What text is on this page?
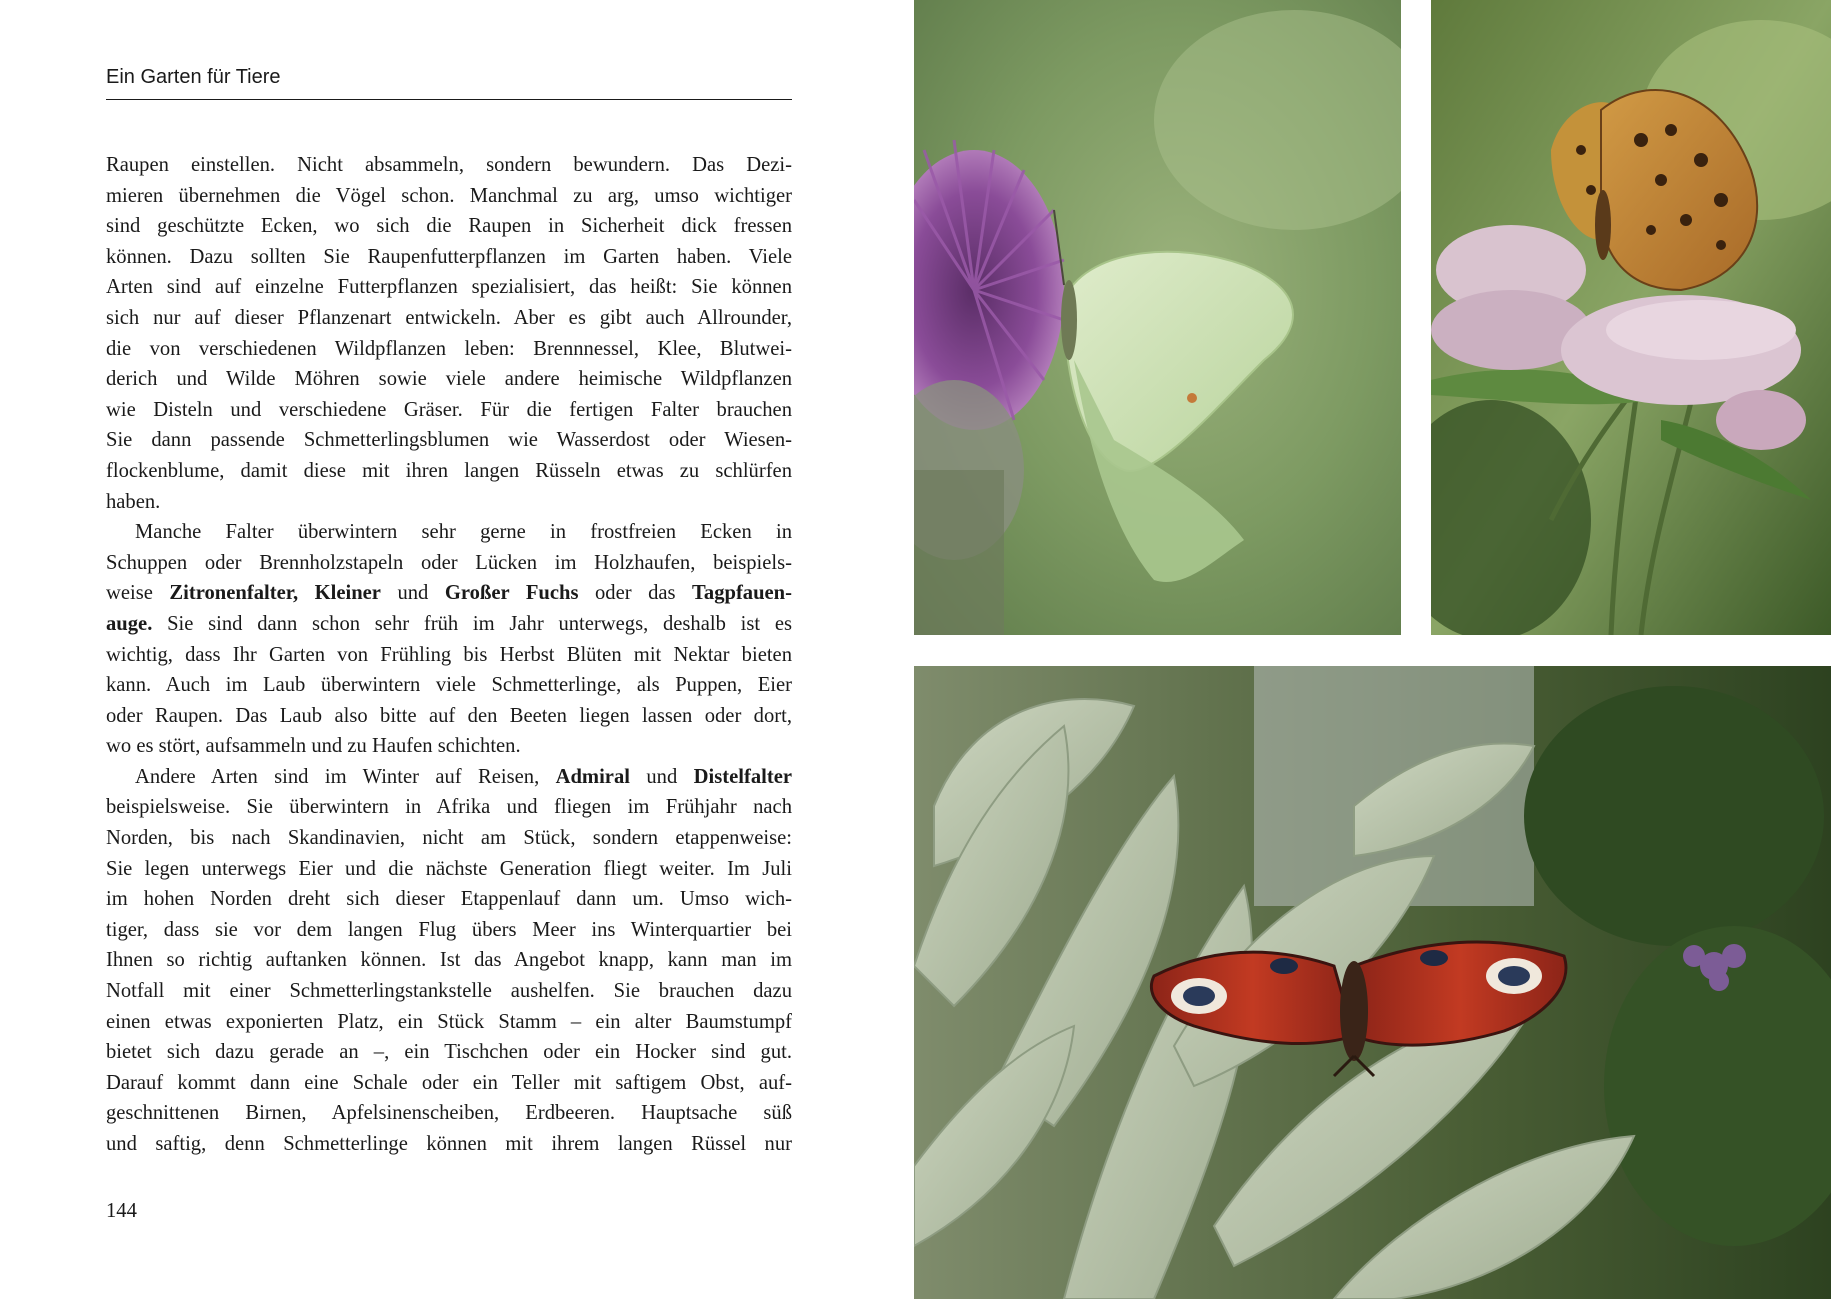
Ein Garten für Tiere
Raupen einstellen. Nicht absammeln, sondern bewundern. Das Dezi-
mieren übernehmen die Vögel schon. Manchmal zu arg, umso wichtiger
sind geschützte Ecken, wo sich die Raupen in Sicherheit dick fressen
können. Dazu sollten Sie Raupenfutterpflanzen im Garten haben. Viele
Arten sind auf einzelne Futterpflanzen spezialisiert, das heißt: Sie können
sich nur auf dieser Pflanzenart entwickeln. Aber es gibt auch Allrounder,
die von verschiedenen Wildpflanzen leben: Brennnessel, Klee, Blutwei-
derich und Wilde Möhren sowie viele andere heimische Wildpflanzen
wie Disteln und verschiedene Gräser. Für die fertigen Falter brauchen
Sie dann passende Schmetterlingsblumen wie Wasserdost oder Wiesen-
flockenblume, damit diese mit ihren langen Rüsseln etwas zu schlürfen
haben.
Manche Falter überwintern sehr gerne in frostfreien Ecken in
Schuppen oder Brennholzstapeln oder Lücken im Holzhaufen, beispiels-
weise Zitronenfalter, Kleiner und Großer Fuchs oder das Tagpfauen-
auge. Sie sind dann schon sehr früh im Jahr unterwegs, deshalb ist es
wichtig, dass Ihr Garten von Frühling bis Herbst Blüten mit Nektar bieten
kann. Auch im Laub überwintern viele Schmetterlinge, als Puppen, Eier
oder Raupen. Das Laub also bitte auf den Beeten liegen lassen oder dort,
wo es stört, aufsammeln und zu Haufen schichten.
Andere Arten sind im Winter auf Reisen, Admiral und Distelfalter
beispielsweise. Sie überwintern in Afrika und fliegen im Frühjahr nach
Norden, bis nach Skandinavien, nicht am Stück, sondern etappenweise:
Sie legen unterwegs Eier und die nächste Generation fliegt weiter. Im Juli
im hohen Norden dreht sich dieser Etappenlauf dann um. Umso wich-
tiger, dass sie vor dem langen Flug übers Meer ins Winterquartier bei
Ihnen so richtig auftanken können. Ist das Angebot knapp, kann man im
Notfall mit einer Schmetterlingstankstelle aushelfen. Sie brauchen dazu
einen etwas exponierten Platz, ein Stück Stamm – ein alter Baumstumpf
bietet sich dazu gerade an –, ein Tischchen oder ein Hocker sind gut.
Darauf kommt dann eine Schale oder ein Teller mit saftigem Obst, auf-
geschnittenen Birnen, Apfelsinenscheiben, Erdbeeren. Hauptsache süß
und saftig, denn Schmetterlinge können mit ihrem langen Rüssel nur
144
